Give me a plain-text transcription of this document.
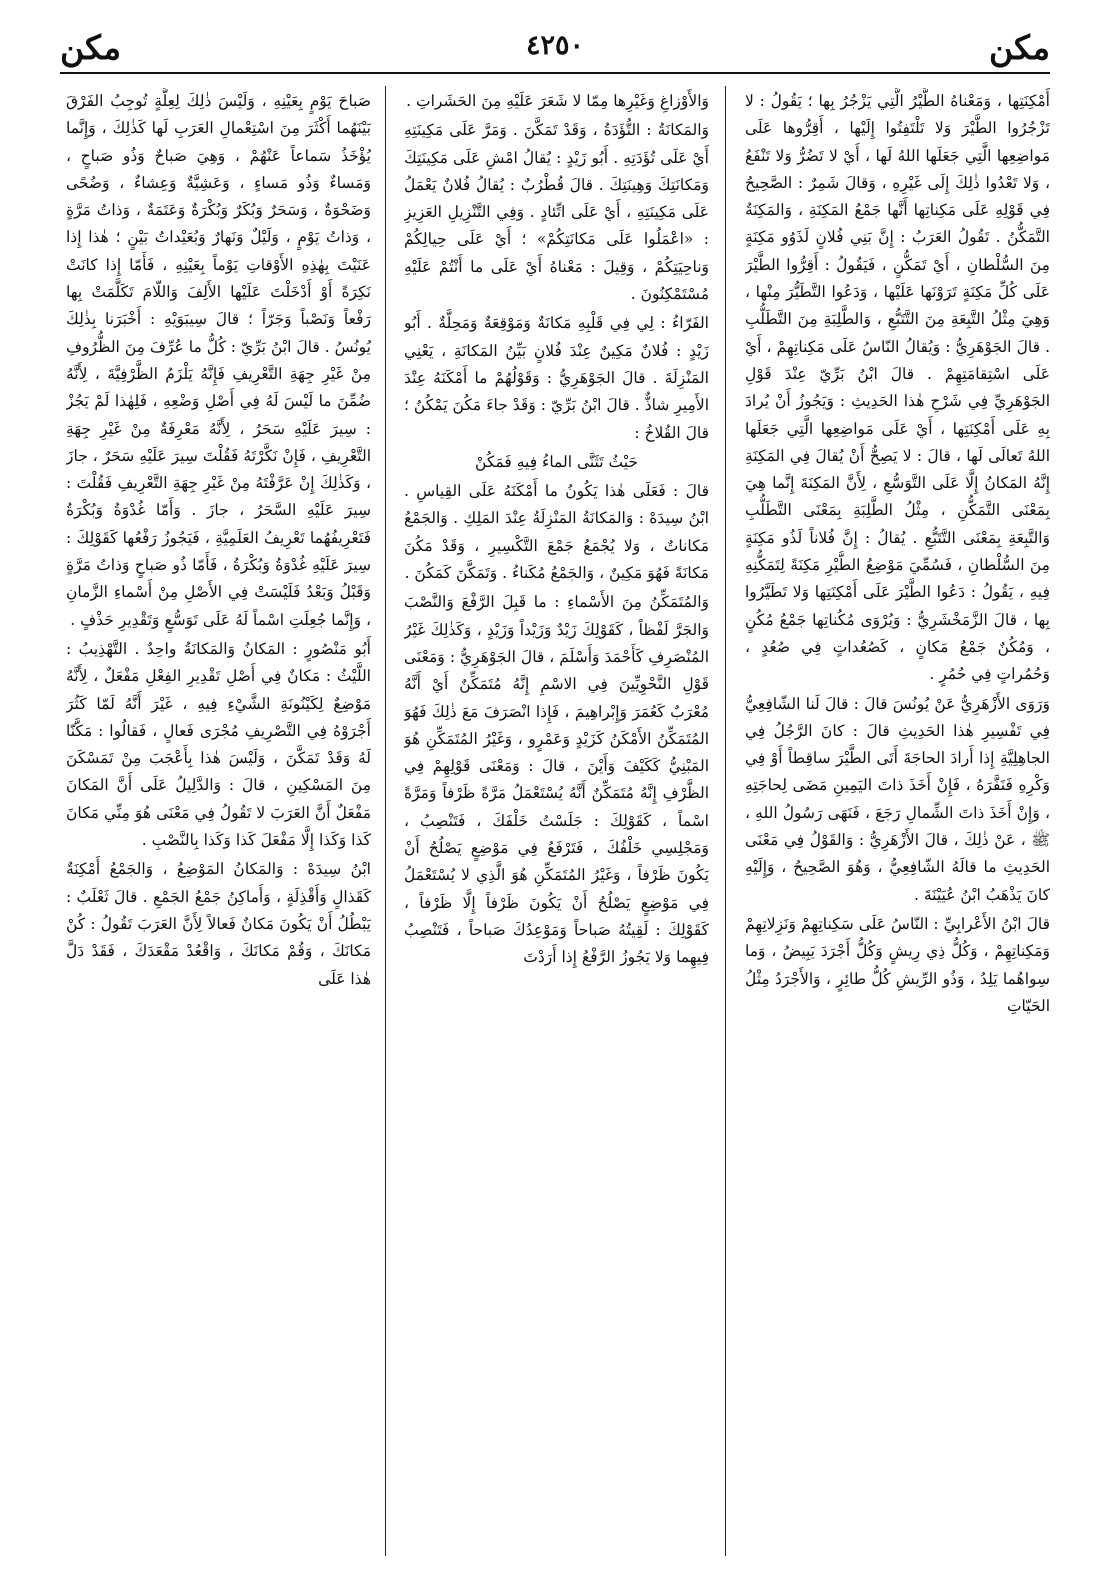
مكن
٤٢٥٠
مكن

أَمْكِنَتِها ، وَمَعْناهُ الطَّيْرُ الَّتِي يَزْجُرُ بِها ؛ يَقُولُ : لا تَزْجُرُوا الطَّيْرَ وَلا تَلْتَفِتُوا إِلَيْها ، أَقِرُّوها عَلَى مَواضِعِها الَّتِي جَعَلَها اللهُ لَها ، أَيْ لا تَضُرُّ وَلا تَنْفَعُ ، وَلا تَعْدُوا ذٰلِكَ إِلَى غَيْرِهِ ، وَقالَ شَمِرٌ : الصَّحِيحُ فِي قَوْلِهِ عَلَى مَكِناتِها أَنَّها جَمْعُ المَكِنَةِ ، وَالمَكِنَةُ التَّمَكُّنُ . تَقُولُ العَرَبُ : إِنَّ بَنِي فُلانٍ لَذَوُو مَكِنَةٍ مِنَ السُّلْطانِ ، أَيْ تَمَكُّنٍ ، فَيَقُولُ : أَقِرُّوا الطَّيْرَ عَلَى كُلِّ مَكِنَةٍ تَرَوْنَها عَلَيْها ، وَدَعُوا التَّطَيُّرَ مِنْها ، وَهِيَ مِثْلُ التَّبِعَةِ مِنَ التَّتَبُّعِ ، وَالطَّلِبَةِ مِنَ التَّطَلُّبِ . قالَ الجَوْهَرِيُّ : وَيُقالُ النّاسُ عَلَى مَكِناتِهِمْ ، أَيْ عَلَى اسْتِقامَتِهِمْ . قالَ ابْنُ بَرِّيّ عِنْدَ قَوْلِ الجَوْهَرِيِّ فِي شَرْحِ هٰذا الحَدِيثِ : وَيَجُوزُ أَنْ يُرادَ بِهِ عَلَى أَمْكِنَتِها ، أَيْ عَلَى مَواضِعِها الَّتِي جَعَلَها اللهُ تَعالَى لَها ، قالَ : لا يَصِحُّ أَنْ يُقالَ فِي المَكِنَةِ إِنَّهُ المَكانُ إِلَّا عَلَى التَّوَسُّعِ ، لِأَنَّ المَكِنَةَ إِنَّما هِيَ بِمَعْنَى التَّمَكُّنِ ، مِثْلُ الطَّلِبَةِ بِمَعْنَى التَّطَلُّبِ وَالتَّبِعَةِ بِمَعْنَى التَّتَبُّعِ . يُقالُ : إِنَّ فُلاناً لَذُو مَكِنَةٍ مِنَ السُّلْطانِ ، فَسُمِّيَ مَوْضِعُ الطَّيْرِ مَكِنَةً لِتَمَكُّنِهِ فِيهِ ، يَقُولُ : دَعُوا الطَّيْرَ عَلَى أَمْكِنَتِها وَلا تَطَيَّرُوا بِها ، قالَ الزَّمَخْشَرِيُّ : وَيُرْوَى مُكُناتِها جَمْعُ مُكُنٍ ، وَمُكُنٌ جَمْعُ مَكانٍ ، كَصُعُداتٍ فِي صُعُدٍ ، وَحُمُراتٍ فِي حُمُرٍ .

وَرَوَى الأَزْهَرِيُّ عَنْ يُونُسَ قالَ : قالَ لَنا الشّافِعِيُّ فِي تَفْسِيرِ هٰذا الحَدِيثِ قالَ : كانَ الرَّجُلُ فِي الجاهِلِيَّةِ إِذا أَرادَ الحاجَةَ أَتَى الطَّيْرَ ساقِطاً أَوْ فِي وَكْرِهِ فَنَفَّرَهُ ، فَإِنْ أَخَذَ ذاتَ اليَمِينِ مَضَى لِحاجَتِهِ ، وَإِنْ أَخَذَ ذاتَ الشِّمالِ رَجَعَ ، فَنَهَى رَسُولُ اللهِ ، ﷺ ، عَنْ ذٰلِكَ ، قالَ الأَزْهَرِيُّ : وَالقَوْلُ فِي مَعْنَى الحَدِيثِ ما قالَهُ الشّافِعِيُّ ، وَهُوَ الصَّحِيحُ ، وَإِلَيْهِ كانَ يَذْهَبُ ابْنُ عُيَيْنَةَ .

قالَ ابْنُ الأَعْرابِيِّ : النّاسُ عَلَى سَكِناتِهِمْ وَنَزِلاتِهِمْ وَمَكِناتِهِمْ ، وَكُلُّ ذِي رِيشٍ وَكُلُّ أَجْرَدَ يَبِيضُ ، وَما سِواهُما يَلِدُ ، وَذُو الرِّيشِ كُلُّ طائِرٍ ، وَالأَجْرَدُ مِثْلُ الحَيّاتِ

وَالأَوْزاغِ وَغَيْرِها مِمّا لا شَعَرَ عَلَيْهِ مِنَ الحَشَراتِ .

وَالمَكانَةُ : التُّؤَدَةُ ، وَقَدْ تَمَكَّنَ . وَمَرَّ عَلَى مَكِينَتِهِ أَيْ عَلَى تُؤَدَتِهِ . أَبُو زَيْدٍ : يُقالُ امْشِ عَلَى مَكِينَتِكَ وَمَكانَتِكَ وَهِينَتِكَ . قالَ قُطْرُبٌ : يُقالُ فُلانٌ يَعْمَلُ عَلَى مَكِينَتِهِ ، أَيْ عَلَى اتِّئادٍ . وَفِي التَّنْزِيلِ العَزِيزِ : «اعْمَلُوا عَلَى مَكانَتِكُمْ» ؛ أَيْ عَلَى حِيالِكُمْ وَناحِيَتِكُمْ ، وَقِيلَ : مَعْناهُ أَيْ عَلَى ما أَنْتُمْ عَلَيْهِ مُسْتَمْكِنُونَ .

الفَرّاءُ : لِي فِي قَلْبِهِ مَكانَةٌ وَمَوْقِعَةٌ وَمَحِلَّةٌ . أَبُو زَيْدٍ : فُلانٌ مَكِينٌ عِنْدَ فُلانٍ بَيِّنُ المَكانَةِ ، يَعْنِي المَنْزِلَةَ . قالَ الجَوْهَرِيُّ : وَقَوْلُهُمْ ما أَمْكَنَهُ عِنْدَ الأَمِيرِ شاذٌّ . قالَ ابْنُ بَرِّيّ : وَقَدْ جاءَ مَكُنَ يَمْكُنُ ؛ قالَ القُلاخُ :

حَيْثُ تَثَنَّى الماءُ فِيهِ فَمَكُنْ

قالَ : فَعَلَى هٰذا يَكُونُ ما أَمْكَنَهُ عَلَى القِياسِ . ابْنُ سِيدَهْ : وَالمَكانَةُ المَنْزِلَةُ عِنْدَ المَلِكِ . وَالجَمْعُ مَكاناتٌ ، وَلا يُجْمَعُ جَمْعَ التَّكْسِيرِ ، وَقَدْ مَكُنَ مَكانَةً فَهُوَ مَكِينٌ ، وَالجَمْعُ مُكَناءُ . وَتَمَكَّنَ كَمَكُنَ .

وَالمُتَمَكِّنُ مِنَ الأَسْماءِ : ما قَبِلَ الرَّفْعَ وَالنَّصْبَ وَالجَرَّ لَفْظاً ، كَقَوْلِكَ زَيْدٌ وَزَيْداً وَزَيْدٍ ، وَكَذٰلِكَ غَيْرُ المُنْصَرِفِ كَأَحْمَدَ وَأَسْلَمَ ، قالَ الجَوْهَرِيُّ : وَمَعْنَى قَوْلِ النَّحْوِيِّينَ فِي الاسْمِ إِنَّهُ مُتَمَكِّنٌ أَيْ أَنَّهُ مُعْرَبٌ كَعُمَرَ وَإِبْراهِيمَ ، فَإِذا انْصَرَفَ مَعَ ذٰلِكَ فَهُوَ المُتَمَكِّنُ الأَمْكَنُ كَزَيْدٍ وَعَمْرٍو ، وَغَيْرُ المُتَمَكِّنِ هُوَ المَبْنِيُّ كَكَيْفَ وَأَيْنَ ، قالَ : وَمَعْنَى قَوْلِهِمْ فِي الظَّرْفِ إِنَّهُ مُتَمَكِّنٌ أَنَّهُ يُسْتَعْمَلُ مَرَّةً ظَرْفاً وَمَرَّةً اسْماً ، كَقَوْلِكَ : جَلَسْتُ خَلْفَكَ ، فَتَنْصِبُ ، وَمَجْلِسِي خَلْفُكَ ، فَتَرْفَعُ فِي مَوْضِعٍ يَصْلُحُ أَنْ يَكُونَ ظَرْفاً ، وَغَيْرُ المُتَمَكِّنِ هُوَ الَّذِي لا يُسْتَعْمَلُ فِي مَوْضِعٍ يَصْلُحُ أَنْ يَكُونَ ظَرْفاً إِلَّا ظَرْفاً ، كَقَوْلِكَ : لَقِيتُهُ صَباحاً وَمَوْعِدُكَ صَباحاً ، فَتَنْصِبُ فِيهِما وَلا يَجُوزُ الرَّفْعُ إِذا أَرَدْتَ

صَباحَ يَوْمٍ بِعَيْنِهِ ، وَلَيْسَ ذٰلِكَ لِعِلَّةٍ تُوجِبُ الفَرْقَ بَيْنَهُما أَكْثَرَ مِنَ اسْتِعْمالِ العَرَبِ لَها كَذٰلِكَ ، وَإِنَّما يُؤْخَذُ سَماعاً عَنْهُمْ ، وَهِيَ صَباحٌ وَذُو صَباحٍ ، وَمَساءٌ وَذُو مَساءٍ ، وَعَشِيَّةٌ وَعِشاءٌ ، وَضُحًى وَضَحْوَةٌ ، وَسَحَرٌ وَبُكَرٌ وَبُكْرَةٌ وَعَتَمَةٌ ، وَذاتُ مَرَّةٍ ، وَذاتُ يَوْمٍ ، وَلَيْلٌ وَنَهارٌ وَبُعَيْداتُ بَيْنٍ ؛ هٰذا إِذا عَنَيْتَ بِهٰذِهِ الأَوْقاتِ يَوْماً بِعَيْنِهِ ، فَأَمّا إِذا كانَتْ نَكِرَةً أَوْ أَدْخَلْتَ عَلَيْها الأَلِفَ وَاللّامَ تَكَلَّمَتْ بِها رَفْعاً وَنَصْباً وَجَرّاً ؛ قالَ سِيبَوَيْهِ : أَخْبَرَنا بِذٰلِكَ يُونُسُ . قالَ ابْنُ بَرِّيّ : كُلُّ ما عُرِّفَ مِنَ الظُّرُوفِ مِنْ غَيْرِ جِهَةِ التَّعْرِيفِ فَإِنَّهُ يَلْزَمُ الظَّرْفِيَّةَ ، لِأَنَّهُ ضُمِّنَ ما لَيْسَ لَهُ فِي أَصْلِ وَضْعِهِ ، فَلِهٰذا لَمْ يَجُزْ : سِيرَ عَلَيْهِ سَحَرُ ، لِأَنَّهُ مَعْرِفَةٌ مِنْ غَيْرِ جِهَةِ التَّعْرِيفِ ، فَإِنْ نَكَّرْتَهُ فَقُلْتَ سِيرَ عَلَيْهِ سَحَرٌ ، جازَ ، وَكَذٰلِكَ إِنْ عَرَّفْتَهُ مِنْ غَيْرِ جِهَةِ التَّعْرِيفِ فَقُلْتَ : سِيرَ عَلَيْهِ السَّحَرُ ، جازَ . وَأَمّا غُدْوَةُ وَبُكْرَةُ فَتَعْرِيفُهُما تَعْرِيفُ العَلَمِيَّةِ ، فَيَجُوزُ رَفْعُها كَقَوْلِكَ : سِيرَ عَلَيْهِ غُدْوَةُ وَبُكْرَةُ ، فَأَمّا ذُو صَباحٍ وَذاتُ مَرَّةٍ وَقَبْلُ وَبَعْدُ فَلَيْسَتْ فِي الأَصْلِ مِنْ أَسْماءِ الزَّمانِ ، وَإِنَّما جُعِلَتِ اسْماً لَهُ عَلَى تَوَسُّعٍ وَتَقْدِيرِ حَذْفٍ .

أَبُو مَنْصُورٍ : المَكانُ وَالمَكانَةُ واحِدٌ . التَّهْذِيبُ : اللَّيْثُ : مَكانٌ فِي أَصْلِ تَقْدِيرِ الفِعْلِ مَفْعَلٌ ، لِأَنَّهُ مَوْضِعٌ لِكَيْنُونَةِ الشَّيْءِ فِيهِ ، غَيْرَ أَنَّهُ لَمّا كَثُرَ أَجْرَوْهُ فِي التَّصْرِيفِ مُجْرَى فَعالٍ ، فَقالُوا : مَكَّنّا لَهُ وَقَدْ تَمَكَّنَ ، وَلَيْسَ هٰذا بِأَعْجَبَ مِنْ تَمَسْكَنَ مِنَ المَسْكِينِ ، قالَ : وَالدَّلِيلُ عَلَى أَنَّ المَكانَ مَفْعَلٌ أَنَّ العَرَبَ لا تَقُولُ فِي مَعْنَى هُوَ مِنِّي مَكانَ كَذا وَكَذا إِلَّا مَفْعَلَ كَذا وَكَذا بِالنَّصْبِ .

ابْنُ سِيدَهْ : وَالمَكانُ المَوْضِعُ ، وَالجَمْعُ أَمْكِنَةٌ كَقَذالٍ وَأَقْذِلَةٍ ، وَأَماكِنُ جَمْعُ الجَمْعِ . قالَ ثَعْلَبٌ : يَبْطُلُ أَنْ يَكُونَ مَكانٌ فَعالاً لِأَنَّ العَرَبَ تَقُولُ : كُنْ مَكانَكَ ، وَقُمْ مَكانَكَ ، وَاقْعُدْ مَقْعَدَكَ ، فَقَدْ دَلَّ هٰذا عَلَى
